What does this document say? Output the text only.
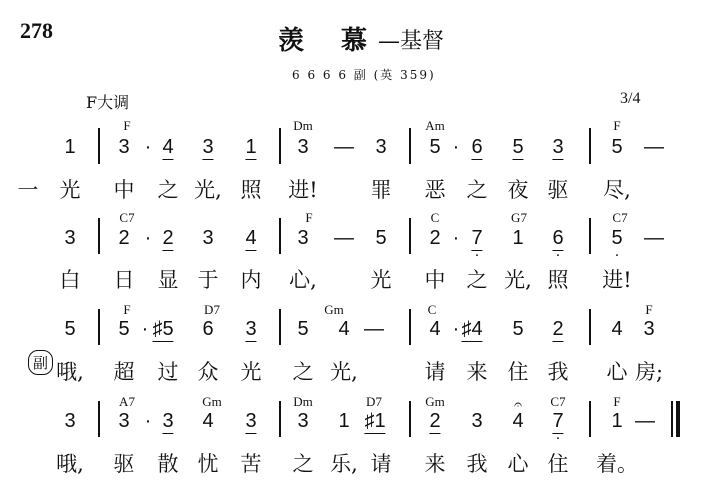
278	羡 慕
—基督
6 6 6 6 副 (英 359)
F大调	3/4
副
F	Dm	Am	F
1 3 · 4 3 1 3 — 3 5 · 6 5 3 5 —
一 光 中 之 光, 照 进!	罪 恶 之 夜 驱 尽,
C7	F	C	G7	C7
3 2 · 2 3 4 3 — 5 2 · . 7 1 . 6 . 5 —
白 日 显 于 内 心,	光 中 之 光, 照 进!
F	D7	Gm	C	F
5 5 · ♯5 6 3 5 4 — 4 · ♯4 5 2 4 3
哦, 超 过 众 光 之 光,	请 来 住 我 心 房;
A7	Gm	Dm	D7	Gm	C7	F
3 3 · 3 4 3 3 1 ♯1 2 3 4 . 7 1 —
哦, 驱 散 忧 苦 之 乐, 请 来 我 心 住 着。
𝄐
